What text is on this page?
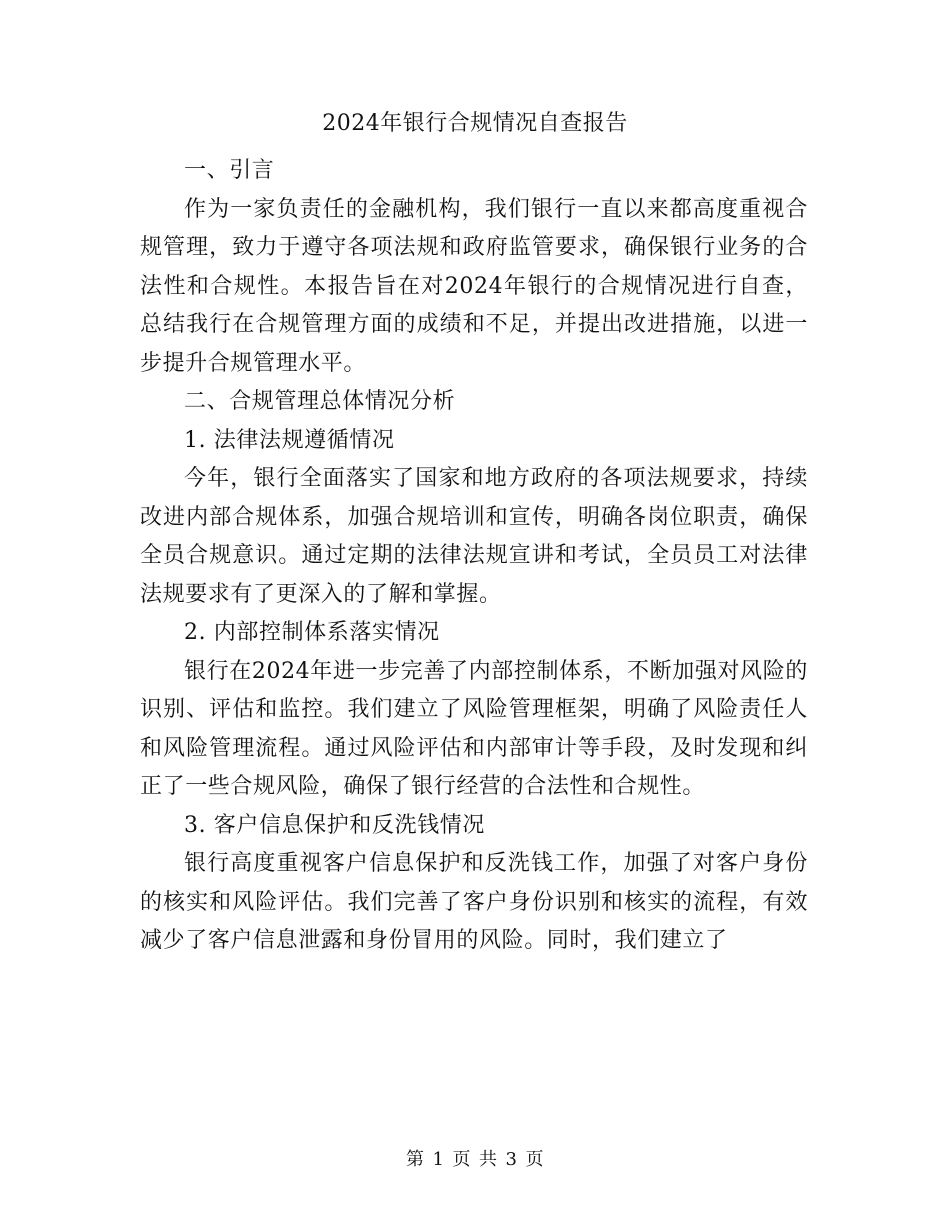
2024年银行合规情况自查报告

一、引言

作为一家负责任的金融机构，我们银行一直以来都高度重视合规管理，致力于遵守各项法规和政府监管要求，确保银行业务的合法性和合规性。本报告旨在对2024年银行的合规情况进行自查，总结我行在合规管理方面的成绩和不足，并提出改进措施，以进一步提升合规管理水平。

二、合规管理总体情况分析

1. 法律法规遵循情况

今年，银行全面落实了国家和地方政府的各项法规要求，持续改进内部合规体系，加强合规培训和宣传，明确各岗位职责，确保全员合规意识。通过定期的法律法规宣讲和考试，全员员工对法律法规要求有了更深入的了解和掌握。

2. 内部控制体系落实情况

银行在2024年进一步完善了内部控制体系，不断加强对风险的识别、评估和监控。我们建立了风险管理框架，明确了风险责任人和风险管理流程。通过风险评估和内部审计等手段，及时发现和纠正了一些合规风险，确保了银行经营的合法性和合规性。

3. 客户信息保护和反洗钱情况

银行高度重视客户信息保护和反洗钱工作，加强了对客户身份的核实和风险评估。我们完善了客户身份识别和核实的流程，有效减少了客户信息泄露和身份冒用的风险。同时，我们建立了

第 1 页 共 3 页
